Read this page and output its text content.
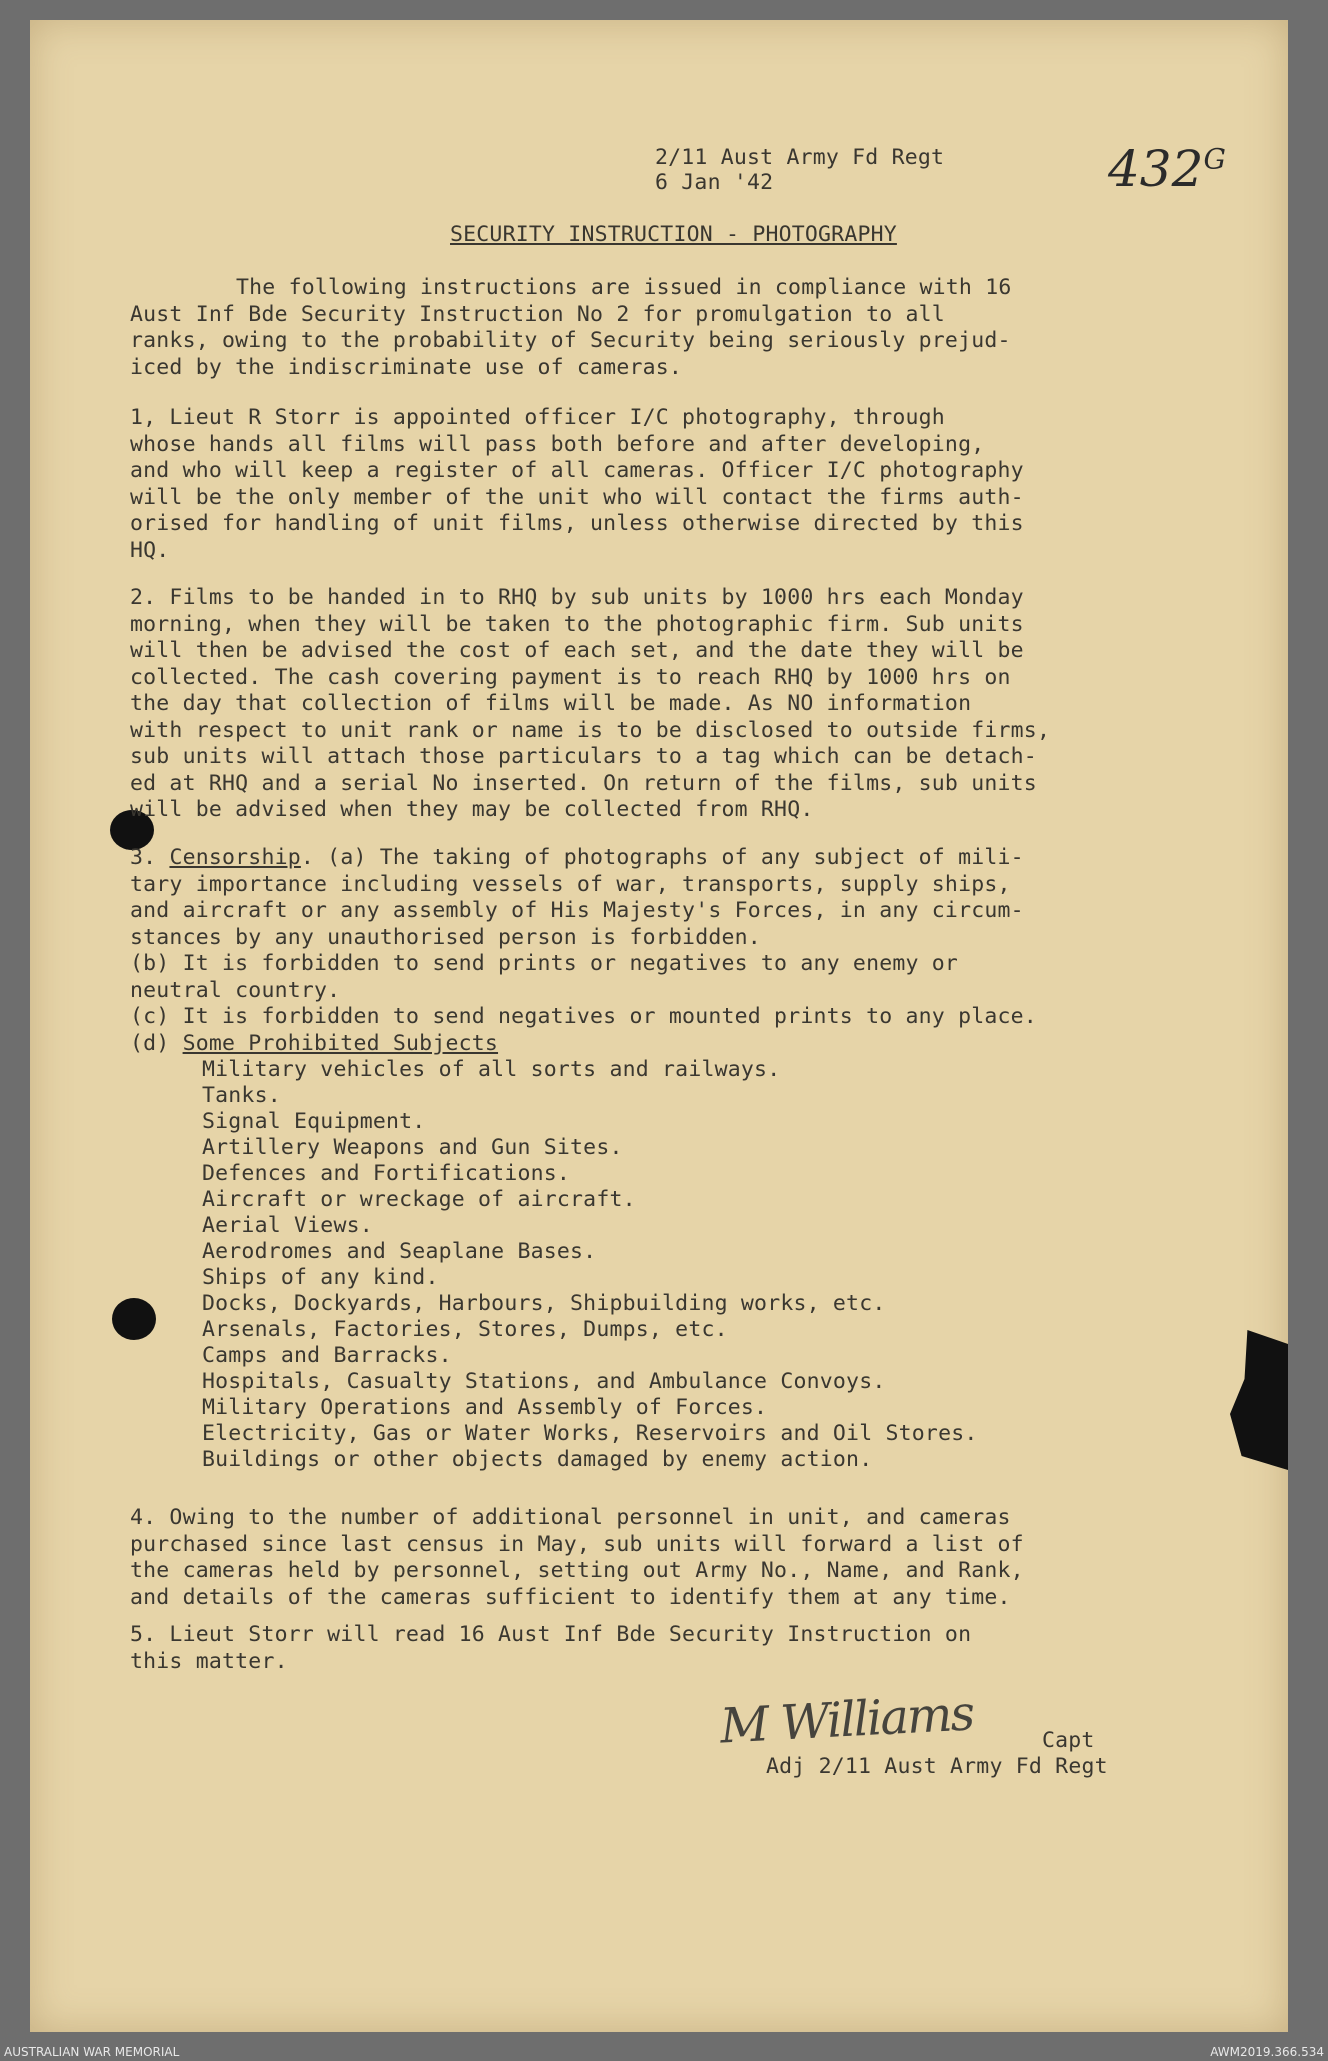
2/11 Aust Army Fd Regt
6 Jan '42	$432^G$
SECURITY INSTRUCTION - PHOTOGRAPHY
The following instructions are issued in compliance with 16
Aust Inf Bde Security Instruction No 2 for promulgation to all
ranks, owing to the probability of Security being seriously prejud-
iced by the indiscriminate use of cameras.
1, Lieut R Storr is appointed officer I/C photography, through
whose hands all films will pass both before and after developing,
and who will keep a register of all cameras. Officer I/C photography
will be the only member of the unit who will contact the firms auth-
orised for handling of unit films, unless otherwise directed by this
HQ.
2. Films to be handed in to RHQ by sub units by 1000 hrs each Monday
morning, when they will be taken to the photographic firm. Sub units
will then be advised the cost of each set, and the date they will be
collected. The cash covering payment is to reach RHQ by 1000 hrs on
the day that collection of films will be made. As NO information
with respect to unit rank or name is to be disclosed to outside firms,
sub units will attach those particulars to a tag which can be detach-
ed at RHQ and a serial No inserted. On return of the films, sub units
will be advised when they may be collected from RHQ.
3. Censorship. (a) The taking of photographs of any subject of mili-
tary importance including vessels of war, transports, supply ships,
and aircraft or any assembly of His Majesty's Forces, in any circum-
stances by any unauthorised person is forbidden.
(b) It is forbidden to send prints or negatives to any enemy or
neutral country.
(c) It is forbidden to send negatives or mounted prints to any place.
(d) Some Prohibited Subjects
Military vehicles of all sorts and railways.
Tanks.
Signal Equipment.
Artillery Weapons and Gun Sites.
Defences and Fortifications.
Aircraft or wreckage of aircraft.
Aerial Views.
Aerodromes and Seaplane Bases.
Ships of any kind.
Docks, Dockyards, Harbours, Shipbuilding works, etc.
Arsenals, Factories, Stores, Dumps, etc.
Camps and Barracks.
Hospitals, Casualty Stations, and Ambulance Convoys.
Military Operations and Assembly of Forces.
Electricity, Gas or Water Works, Reservoirs and Oil Stores.
Buildings or other objects damaged by enemy action.
4. Owing to the number of additional personnel in unit, and cameras
purchased since last census in May, sub units will forward a list of
the cameras held by personnel, setting out Army No., Name, and Rank,
and details of the cameras sufficient to identify them at any time.
5. Lieut Storr will read 16 Aust Inf Bde Security Instruction on
this matter.
M Williams	Capt
Adj 2/11 Aust Army Fd Regt
AUSTRALIAN WAR MEMORIAL	AWM2019.366.534
